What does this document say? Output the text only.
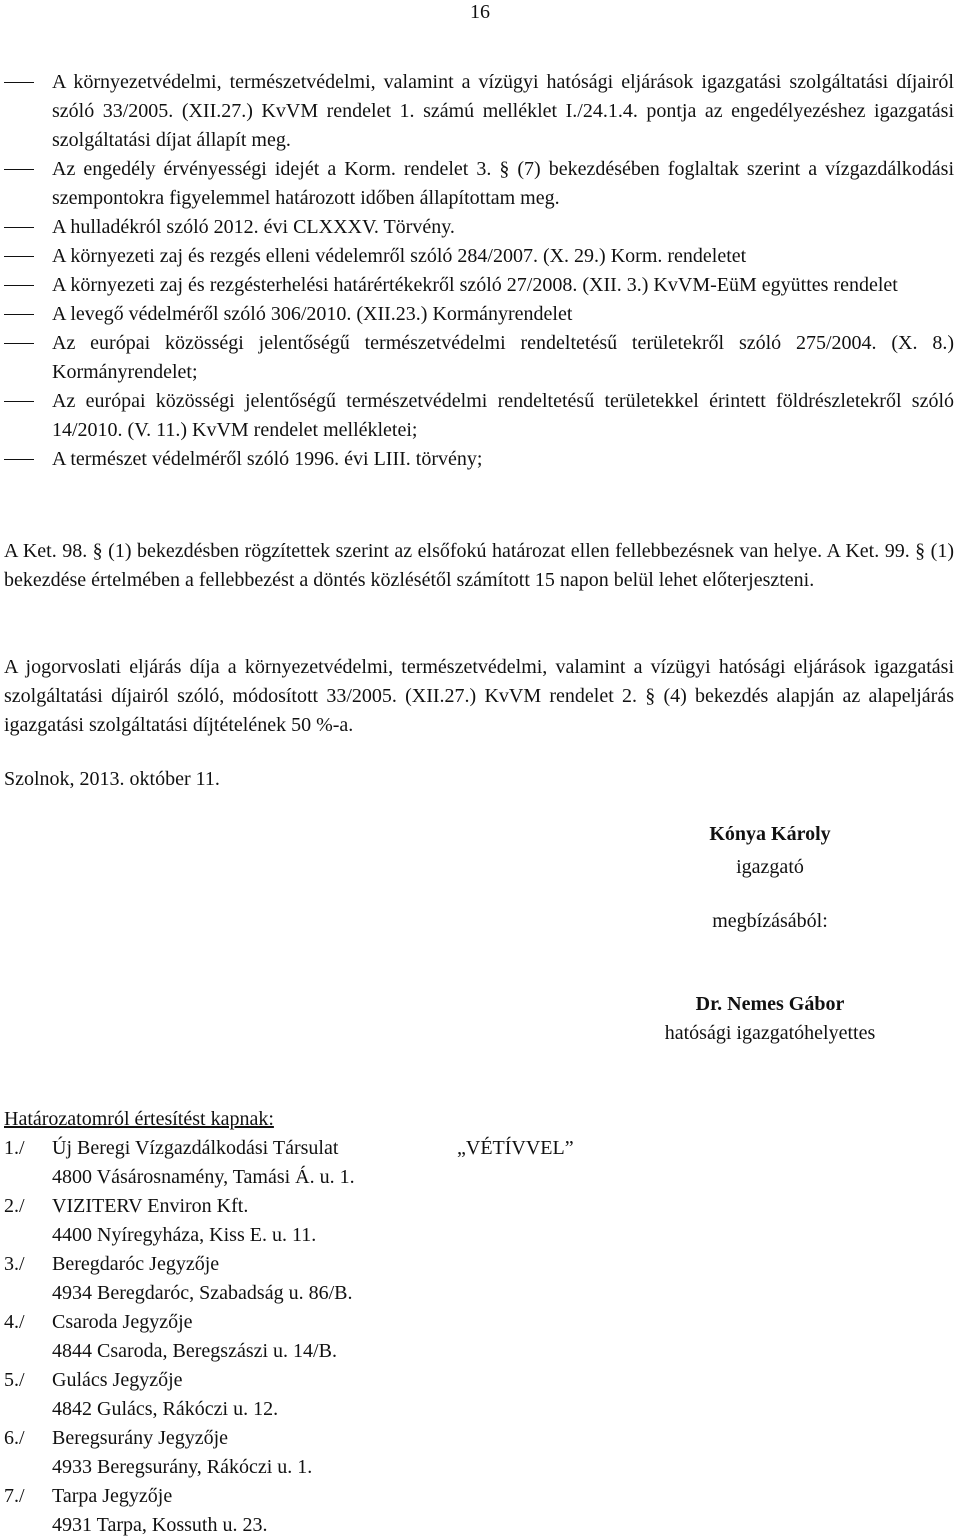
16
A környezetvédelmi, természetvédelmi, valamint a vízügyi hatósági eljárások igazgatási szolgáltatási díjairól szóló 33/2005. (XII.27.) KvVM rendelet 1. számú melléklet I./24.1.4. pontja az engedélyezéshez igazgatási szolgáltatási díjat állapít meg.
Az engedély érvényességi idejét a Korm. rendelet 3. § (7) bekezdésében foglaltak szerint a vízgazdálkodási szempontokra figyelemmel határozott időben állapítottam meg.
A hulladékról szóló 2012. évi CLXXXV. Törvény.
A környezeti zaj és rezgés elleni védelemről szóló 284/2007. (X. 29.) Korm. rendeletet
A környezeti zaj és rezgésterhelési határértékekről szóló 27/2008. (XII. 3.) KvVM-EüM együttes rendelet
A levegő védelméről szóló 306/2010. (XII.23.) Kormányrendelet
Az európai közösségi jelentőségű természetvédelmi rendeltetésű területekről szóló 275/2004. (X. 8.) Kormányrendelet;
Az európai közösségi jelentőségű természetvédelmi rendeltetésű területekkel érintett földrészletekről szóló 14/2010. (V. 11.) KvVM rendelet mellékletei;
A természet védelméről szóló 1996. évi LIII. törvény;

A Ket. 98. § (1) bekezdésben rögzítettek szerint az elsőfokú határozat ellen fellebbezésnek van helye. A Ket. 99. § (1) bekezdése értelmében a fellebbezést a döntés közlésétől számított 15 napon belül lehet előterjeszteni.

A jogorvoslati eljárás díja a környezetvédelmi, természetvédelmi, valamint a vízügyi hatósági eljárások igazgatási szolgáltatási díjairól szóló, módosított 33/2005. (XII.27.) KvVM rendelet 2. § (4) bekezdés alapján az alapeljárás igazgatási szolgáltatási díjtételének 50 %-a.

Szolnok, 2013. október 11.

Kónya Károly
igazgató
megbízásából:
Dr. Nemes Gábor
hatósági igazgatóhelyettes
Határozatomról értesítést kapnak:
1./	Új Beregi Vízgazdálkodási Társulat	„VÉTÍVVEL”
4800 Vásárosnamény, Tamási Á. u. 1.
2./	VIZITERV Environ Kft.
4400 Nyíregyháza, Kiss E. u. 11.
3./	Beregdaróc Jegyzője
4934 Beregdaróc, Szabadság u. 86/B.
4./	Csaroda Jegyzője
4844 Csaroda, Beregszászi u. 14/B.
5./	Gulács Jegyzője
4842 Gulács, Rákóczi u. 12.
6./	Beregsurány Jegyzője
4933 Beregsurány, Rákóczi u. 1.
7./	Tarpa Jegyzője
4931 Tarpa, Kossuth u. 23.
